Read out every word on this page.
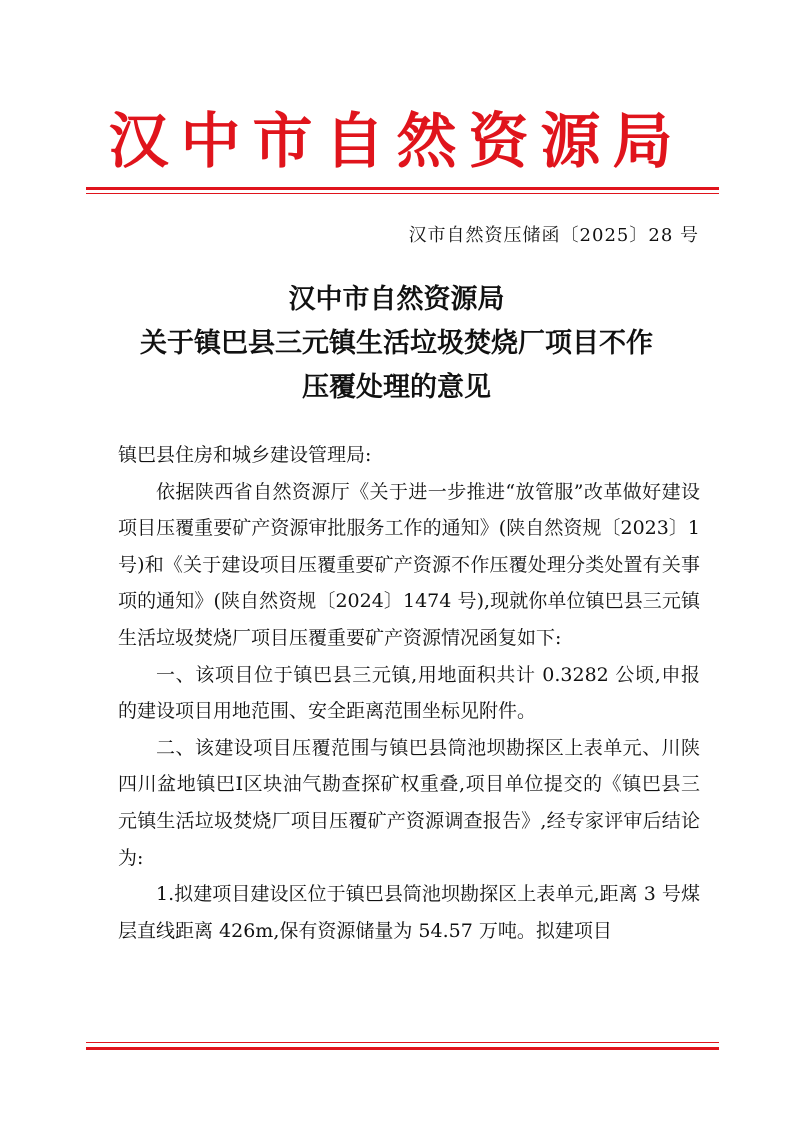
汉中市自然资源局
汉市自然资压储函〔2025〕28 号
汉中市自然资源局
关于镇巴县三元镇生活垃圾焚烧厂项目不作
压覆处理的意见

镇巴县住房和城乡建设管理局:

依据陕西省自然资源厅《关于进一步推进“放管服”改革做好建设项目压覆重要矿产资源审批服务工作的通知》(陕自然资规〔2023〕1 号)和《关于建设项目压覆重要矿产资源不作压覆处理分类处置有关事项的通知》(陕自然资规〔2024〕1474 号),现就你单位镇巴县三元镇生活垃圾焚烧厂项目压覆重要矿产资源情况函复如下:

一、该项目位于镇巴县三元镇,用地面积共计 0.3282 公顷,申报的建设项目用地范围、安全距离范围坐标见附件。

二、该建设项目压覆范围与镇巴县筒池坝勘探区上表单元、川陕四川盆地镇巴Ⅰ区块油气勘查探矿权重叠,项目单位提交的《镇巴县三元镇生活垃圾焚烧厂项目压覆矿产资源调查报告》,经专家评审后结论为:

1.拟建项目建设区位于镇巴县筒池坝勘探区上表单元,距离 3 号煤层直线距离 426m,保有资源储量为 54.57 万吨。拟建项目
